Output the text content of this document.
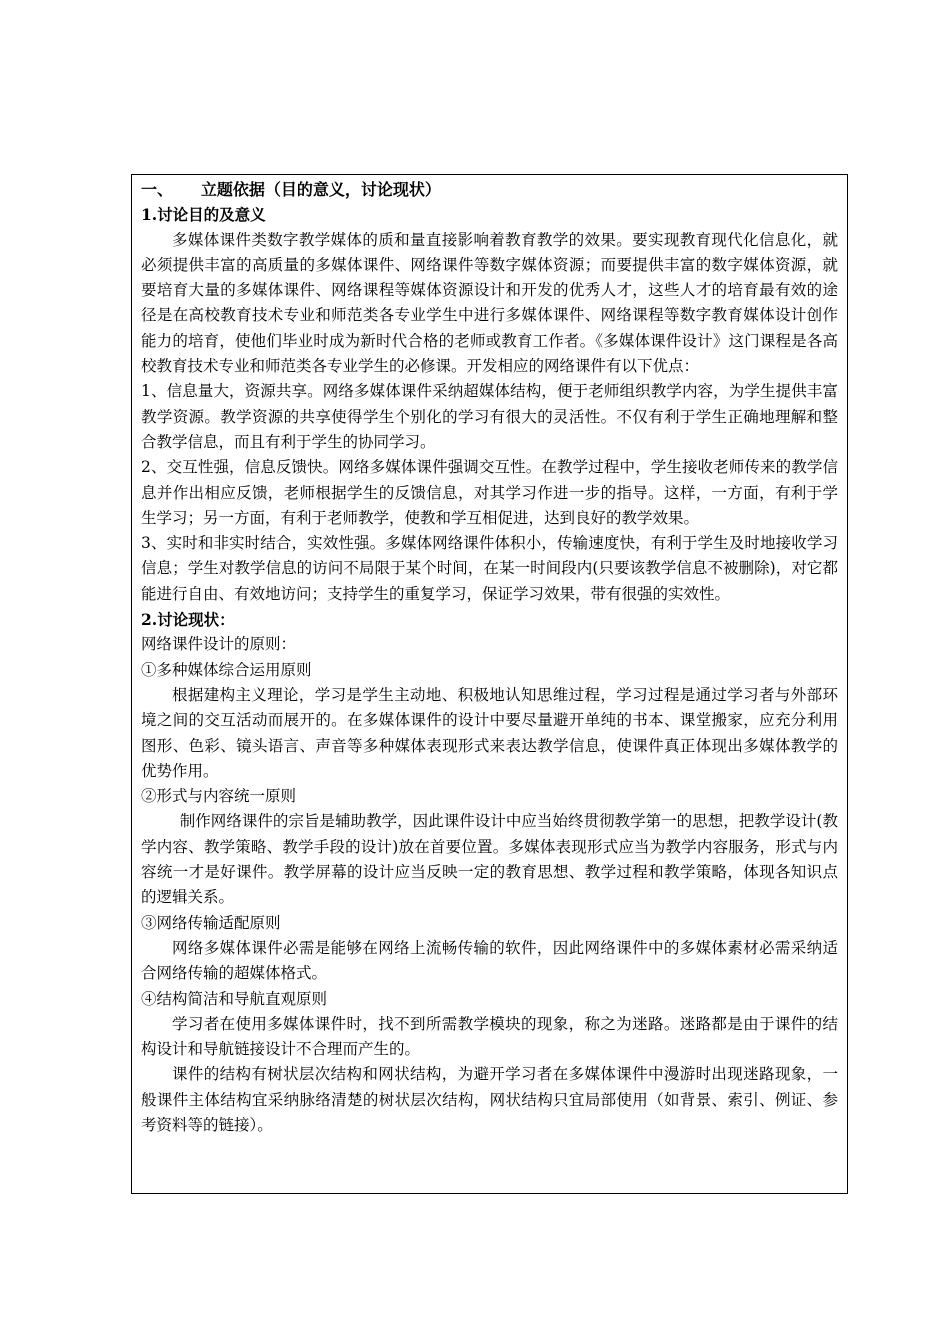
一、 立题依据（目的意义，讨论现状）

1.讨论目的及意义

多媒体课件类数字教学媒体的质和量直接影响着教育教学的效果。要实现教育现代化信息化，就必须提供丰富的高质量的多媒体课件、网络课件等数字媒体资源；而要提供丰富的数字媒体资源，就要培育大量的多媒体课件、网络课程等媒体资源设计和开发的优秀人才，这些人才的培育最有效的途径是在高校教育技术专业和师范类各专业学生中进行多媒体课件、网络课程等数字教育媒体设计创作能力的培育，使他们毕业时成为新时代合格的老师或教育工作者。《多媒体课件设计》这门课程是各高校教育技术专业和师范类各专业学生的必修课。开发相应的网络课件有以下优点：

1、信息量大，资源共享。网络多媒体课件采纳超媒体结构，便于老师组织教学内容，为学生提供丰富教学资源。教学资源的共享使得学生个别化的学习有很大的灵活性。不仅有利于学生正确地理解和整合教学信息，而且有利于学生的协同学习。

2、交互性强，信息反馈快。网络多媒体课件强调交互性。在教学过程中，学生接收老师传来的教学信息并作出相应反馈，老师根据学生的反馈信息，对其学习作进一步的指导。这样，一方面，有利于学生学习；另一方面，有利于老师教学，使教和学互相促进，达到良好的教学效果。

3、实时和非实时结合，实效性强。多媒体网络课件体积小，传输速度快，有利于学生及时地接收学习信息；学生对教学信息的访问不局限于某个时间，在某一时间段内(只要该教学信息不被删除)，对它都能进行自由、有效地访问；支持学生的重复学习，保证学习效果，带有很强的实效性。

2.讨论现状：

网络课件设计的原则：

①多种媒体综合运用原则

根据建构主义理论，学习是学生主动地、积极地认知思维过程，学习过程是通过学习者与外部环境之间的交互活动而展开的。在多媒体课件的设计中要尽量避开单纯的书本、课堂搬家，应充分利用图形、色彩、镜头语言、声音等多种媒体表现形式来表达教学信息，使课件真正体现出多媒体教学的优势作用。

②形式与内容统一原则

制作网络课件的宗旨是辅助教学，因此课件设计中应当始终贯彻教学第一的思想，把教学设计(教学内容、教学策略、教学手段的设计)放在首要位置。多媒体表现形式应当为教学内容服务，形式与内容统一才是好课件。教学屏幕的设计应当反映一定的教育思想、教学过程和教学策略，体现各知识点的逻辑关系。

③网络传输适配原则

网络多媒体课件必需是能够在网络上流畅传输的软件，因此网络课件中的多媒体素材必需采纳适合网络传输的超媒体格式。

④结构简洁和导航直观原则

学习者在使用多媒体课件时，找不到所需教学模块的现象，称之为迷路。迷路都是由于课件的结构设计和导航链接设计不合理而产生的。

课件的结构有树状层次结构和网状结构，为避开学习者在多媒体课件中漫游时出现迷路现象，一般课件主体结构宜采纳脉络清楚的树状层次结构，网状结构只宜局部使用（如背景、索引、例证、参考资料等的链接）。
